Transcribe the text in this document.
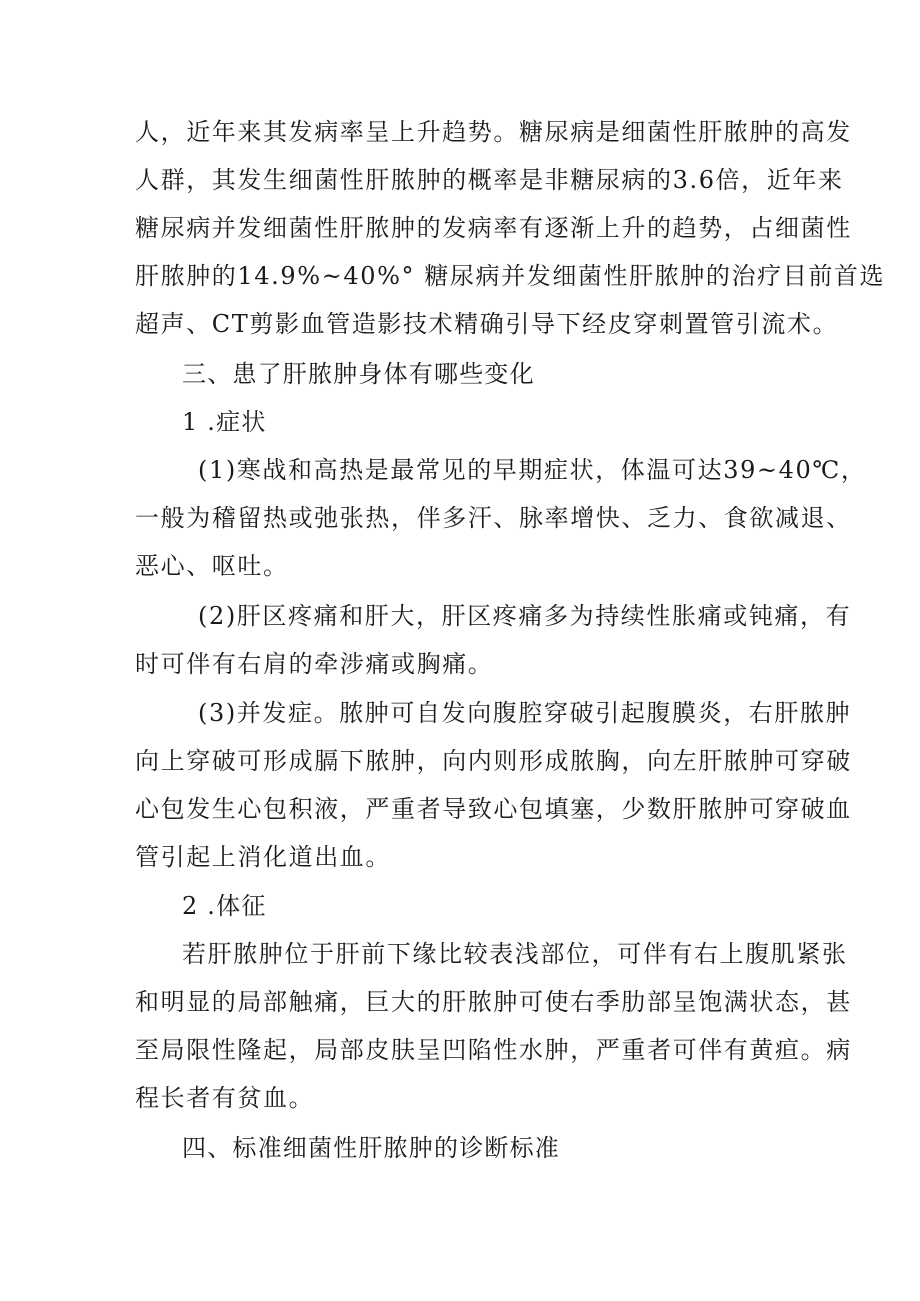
人，近年来其发病率呈上升趋势。糖尿病是细菌性肝脓肿的高发
人群，其发生细菌性肝脓肿的概率是非糖尿病的3.6倍，近年来
糖尿病并发细菌性肝脓肿的发病率有逐渐上升的趋势，占细菌性
肝脓肿的14.9%~40%° 糖尿病并发细菌性肝脓肿的治疗目前首选
超声、CT剪影血管造影技术精确引导下经皮穿刺置管引流术。
三、患了肝脓肿身体有哪些变化
1 .症状
(1)寒战和高热是最常见的早期症状，体温可达39~40℃，
一般为稽留热或弛张热，伴多汗、脉率增快、乏力、食欲减退、
恶心、呕吐。
(2)肝区疼痛和肝大，肝区疼痛多为持续性胀痛或钝痛，有
时可伴有右肩的牵涉痛或胸痛。
(3)并发症。脓肿可自发向腹腔穿破引起腹膜炎，右肝脓肿
向上穿破可形成膈下脓肿，向内则形成脓胸，向左肝脓肿可穿破
心包发生心包积液，严重者导致心包填塞，少数肝脓肿可穿破血
管引起上消化道出血。
2 .体征
若肝脓肿位于肝前下缘比较表浅部位，可伴有右上腹肌紧张
和明显的局部触痛，巨大的肝脓肿可使右季肋部呈饱满状态，甚
至局限性隆起，局部皮肤呈凹陷性水肿，严重者可伴有黄疸。病
程长者有贫血。
四、标准细菌性肝脓肿的诊断标准
